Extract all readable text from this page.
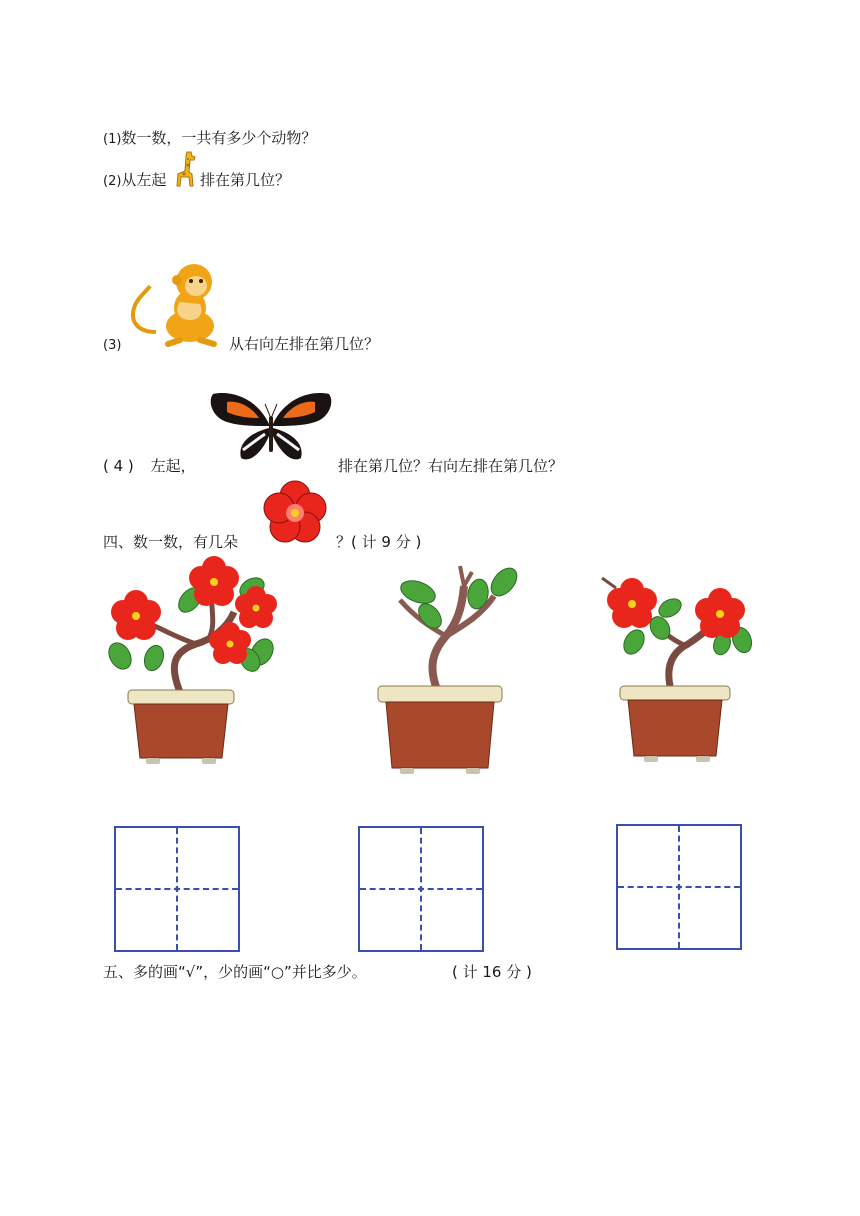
(1)数一数，一共有多少个动物？
(2)从左起 排在第几位？
(3)	从右向左排在第几位？
( 4 ) 左起，	排在第几位？右向左排在第几位？
四、数一数，有几朵	？( 计 9 分 )
五、多的画“√”，少的画“○”并比多少。	( 计 16 分 )
